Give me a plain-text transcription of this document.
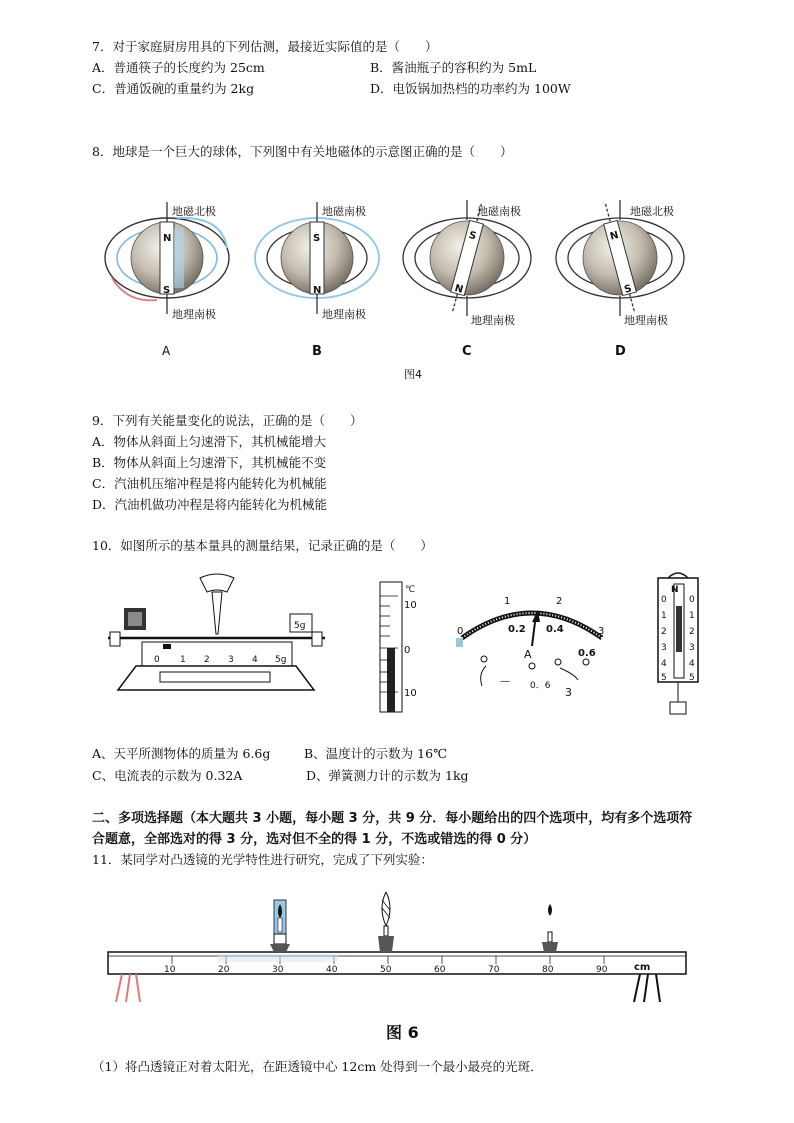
7．对于家庭厨房用具的下列估测，最接近实际值的是（　　）
A．普通筷子的长度约为 25cm	B．酱油瓶子的容积约为 5mL
C．普通饭碗的重量约为 2kg	D．电饭锅加热档的功率约为 100W
8．地球是一个巨大的球体，下列图中有关地磁体的示意图正确的是（　　）
N
S
地磁北极
地理南极
A
S
N
地磁南极
地理南极
B
S
N
地磁南极
地理南极
C
N
S
地磁北极
地理南极
D
图4
9．下列有关能量变化的说法，正确的是（　　）
A．物体从斜面上匀速滑下，其机械能增大
B．物体从斜面上匀速滑下，其机械能不变
C．汽油机压缩冲程是将内能转化为机械能
D．汽油机做功冲程是将内能转化为机械能
10．如图所示的基本量具的测量结果，记录正确的是（　　）
5g
0 1 2 3 4 5g
℃
10
0
10
0
1	2
3
0.2 0.4
0.6
A
— 0．6 3
N
0
1
2
3
4
5
0
1
2
3
4
5
A、天平所测物体的质量为 6.6g	B、温度计的示数为 16℃
C、电流表的示数为 0.32A	D、弹簧测力计的示数为 1kg
二、多项选择题（本大题共 3 小题，每小题 3 分，共 9 分．每小题给出的四个选项中，均有多个选项符
合题意，全部选对的得 3 分，选对但不全的得 1 分，不选或错选的得 0 分）
11．某同学对凸透镜的光学特性进行研究，完成了下列实验：
10	20	30	40	50	60	70	80	90	cm
图 6
（1）将凸透镜正对着太阳光，在距透镜中心 12cm 处得到一个最小最亮的光斑．
